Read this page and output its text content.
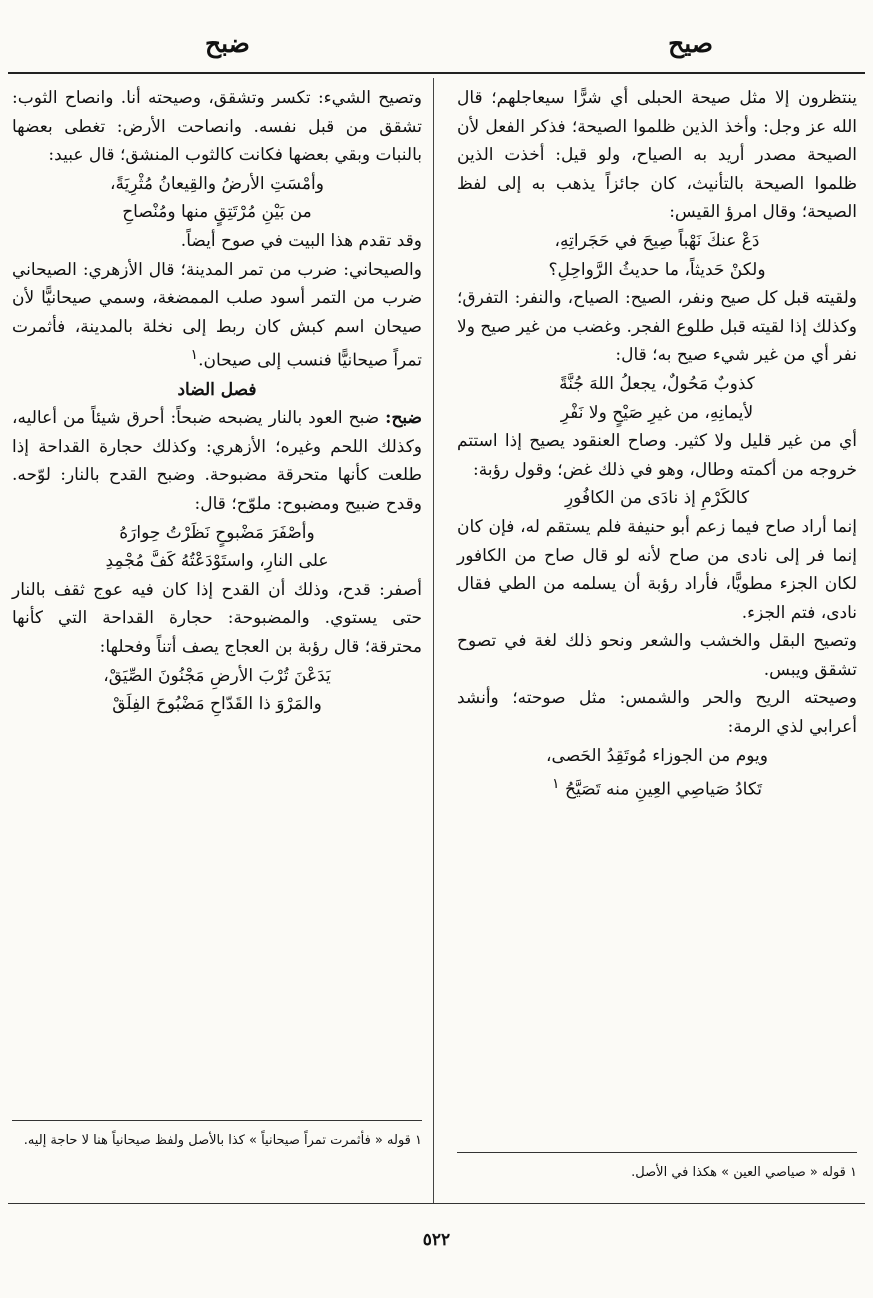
صيح
ضبح

ينتظرون إلا مثل صيحة الحبلى أي شرًّا سيعاجلهم؛ قال الله عز وجل: وأخذ الذين ظلموا الصيحة؛ فذكر الفعل لأن الصيحة مصدر أريد به الصياح، ولو قيل: أخذت الذين ظلموا الصيحة بالتأنيث، كان جائزاً يذهب به إلى لفظ الصيحة؛ وقال امرؤ القيس:

دَعْ عنكَ نَهْباً صِيحَ في حَجَراتِهِ،

ولكنْ حَديثاً، ما حديثُ الرَّواحِلِ؟

ولقيته قبل كل صيح ونفر، الصيح: الصياح، والنفر: التفرق؛ وكذلك إذا لقيته قبل طلوع الفجر. وغضب من غير صيح ولا نفر أي من غير شيء صيح به؛ قال:

كذوبٌ مَحُولٌ، يجعلُ اللهَ جُنَّةً

لأيمانِهِ، من غيرِ صَيْحٍ ولا نَفْرِ

أي من غير قليل ولا كثير. وصاح العنقود يصيح إذا استتم خروجه من أكمته وطال، وهو في ذلك غض؛ وقول رؤبة:

كالكَرْمِ إذ نادَى من الكافُورِ

إنما أراد صاح فيما زعم أبو حنيفة فلم يستقم له، فإن كان إنما فر إلى نادى من صاح لأنه لو قال صاح من الكافور لكان الجزء مطويًّا، فأراد رؤبة أن يسلمه من الطي فقال نادى، فتم الجزء.

وتصيح البقل والخشب والشعر ونحو ذلك لغة في تصوح تشقق ويبس.

وصيحته الريح والحر والشمس: مثل صوحته؛ وأنشد أعرابي لذي الرمة:

ويوم من الجوزاء مُوتَقِدُ الحَصى،

تَكادُ صَياصِي العِينِ منه تَصَيَّحُ $^١$

١ قوله « صياصي العين » هكذا في الأصل.

وتصيح الشيء: تكسر وتشقق، وصيحته أنا. وانصاح الثوب: تشقق من قبل نفسه. وانصاحت الأرض: تغطى بعضها بالنبات وبقي بعضها فكانت كالثوب المنشق؛ قال عبيد:

وأمْسَتِ الأرضُ والقِيعانُ مُثْرِيَةً،

من بَيْنِ مُرْتَتِقٍ منها ومُنْصاحِ

وقد تقدم هذا البيت في صوح أيضاً.

والصيحاني: ضرب من تمر المدينة؛ قال الأزهري: الصيحاني ضرب من التمر أسود صلب الممضغة، وسمي صيحانيًّا لأن صيحان اسم كبش كان ربط إلى نخلة بالمدينة، فأثمرت تمراً صيحانيًّا فنسب إلى صيحان.$^١$

فصل الضاد

ضبح: ضبح العود بالنار يضبحه ضبحاً: أحرق شيئاً من أعاليه، وكذلك اللحم وغيره؛ الأزهري: وكذلك حجارة القداحة إذا طلعت كأنها متحرقة مضبوحة. وضبح القدح بالنار: لوّحه. وقدح ضبيح ومضبوح: ملوّح؛ قال:

وأصْفَرَ مَضْبوحٍ نَظَرْتُ حِوارَهُ

على النارِ، واستَوْدَعْتُهُ كَفَّ مُجْمِدِ

أصفر: قدح، وذلك أن القدح إذا كان فيه عوج ثقف بالنار حتى يستوي. والمضبوحة: حجارة القداحة التي كأنها محترقة؛ قال رؤبة بن العجاج يصف أتناً وفحلها:

يَدَعْنَ تُرْبَ الأرضِ مَجْنُونَ الصِّيَقْ،

والمَرْوَ ذا القَدّاحِ مَضْبُوحَ الفِلَقْ

١ قوله « فأثمرت تمراً صيحانياً » كذا بالأصل ولفظ صيحانياً هنا لا حاجة إليه.

٥٢٢
